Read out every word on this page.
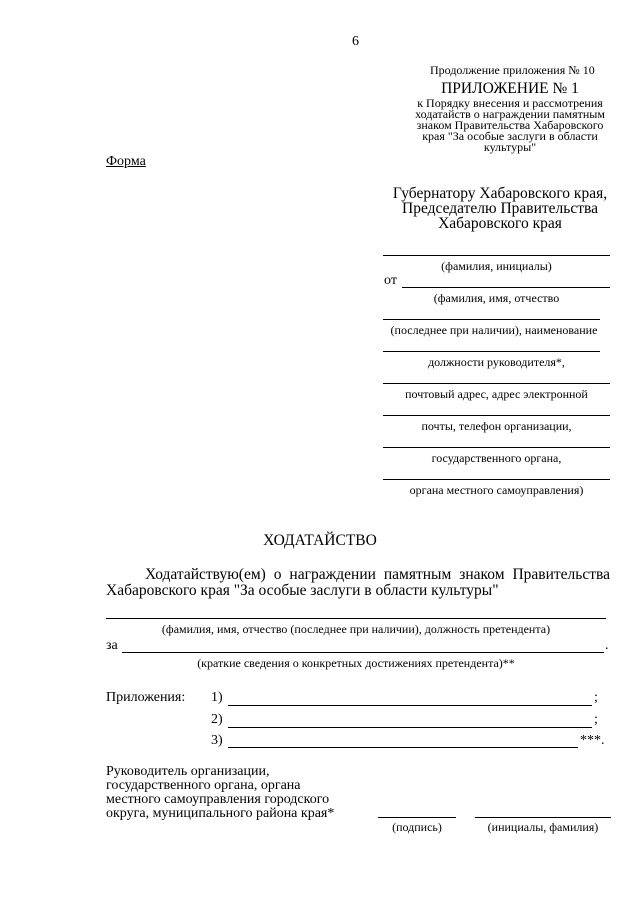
6
Продолжение приложения № 10
ПРИЛОЖЕНИЕ № 1
к Порядку внесения и рассмотрения
ходатайств о награждении памятным
знаком Правительства Хабаровского
края "За особые заслуги в области
культуры"
Форма
Губернатору Хабаровского края,
Председателю Правительства
Хабаровского края
(фамилия, инициалы)
от
(фамилия, имя, отчество
(последнее при наличии), наименование
должности руководителя*,
почтовый адрес, адрес электронной
почты, телефон организации,
государственного органа,
органа местного самоуправления)
ХОДАТАЙСТВО
Ходатайствую(ем) о награждении памятным знаком Правительства
Хабаровского края "За особые заслуги в области культуры"
(фамилия, имя, отчество (последнее при наличии), должность претендента)
за	.
(краткие сведения о конкретных достижениях претендента)**
Приложения: 1)	;
2)	;
3)	***.
Руководитель организации,
государственного органа, органа
местного самоуправления городского
округа, муниципального района края*
(подпись)	(инициалы, фамилия)
